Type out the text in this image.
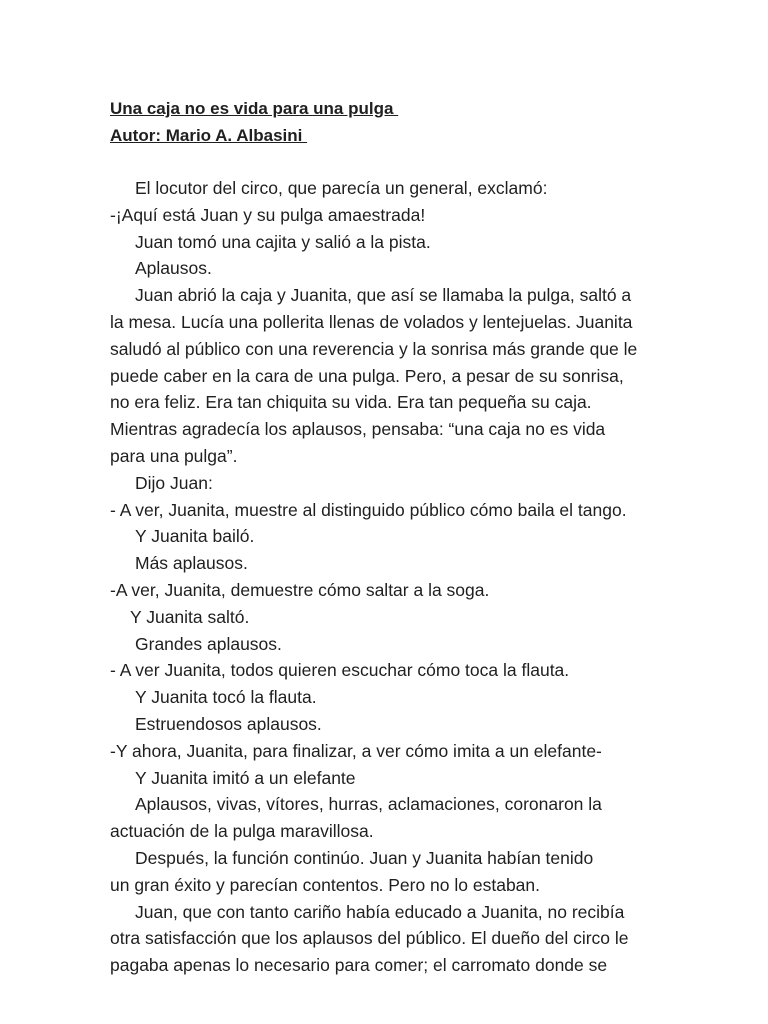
Una caja no es vida para una pulga
Autor: Mario A. Albasini
El locutor del circo, que parecía un general, exclamó:
-¡Aquí está Juan y su pulga amaestrada!
Juan tomó una cajita y salió a la pista.
Aplausos.
Juan abrió la caja y Juanita, que así se llamaba la pulga, saltó a
la mesa. Lucía una pollerita llenas de volados y lentejuelas. Juanita
saludó al público con una reverencia y la sonrisa más grande que le
puede caber en la cara de una pulga. Pero, a pesar de su sonrisa,
no era feliz. Era tan chiquita su vida. Era tan pequeña su caja.
Mientras agradecía los aplausos, pensaba: “una caja no es vida
para una pulga”.
Dijo Juan:
- A ver, Juanita, muestre al distinguido público cómo baila el tango.
Y Juanita bailó.
Más aplausos.
-A ver, Juanita, demuestre cómo saltar a la soga.
Y Juanita saltó.
Grandes aplausos.
- A ver Juanita, todos quieren escuchar cómo toca la flauta.
Y Juanita tocó la flauta.
Estruendosos aplausos.
-Y ahora, Juanita, para finalizar, a ver cómo imita a un elefante-
Y Juanita imitó a un elefante
Aplausos, vivas, vítores, hurras, aclamaciones, coronaron la
actuación de la pulga maravillosa.
Después, la función continúo. Juan y Juanita habían tenido
un gran éxito y parecían contentos. Pero no lo estaban.
Juan, que con tanto cariño había educado a Juanita, no recibía
otra satisfacción que los aplausos del público. El dueño del circo le
pagaba apenas lo necesario para comer; el carromato donde se
